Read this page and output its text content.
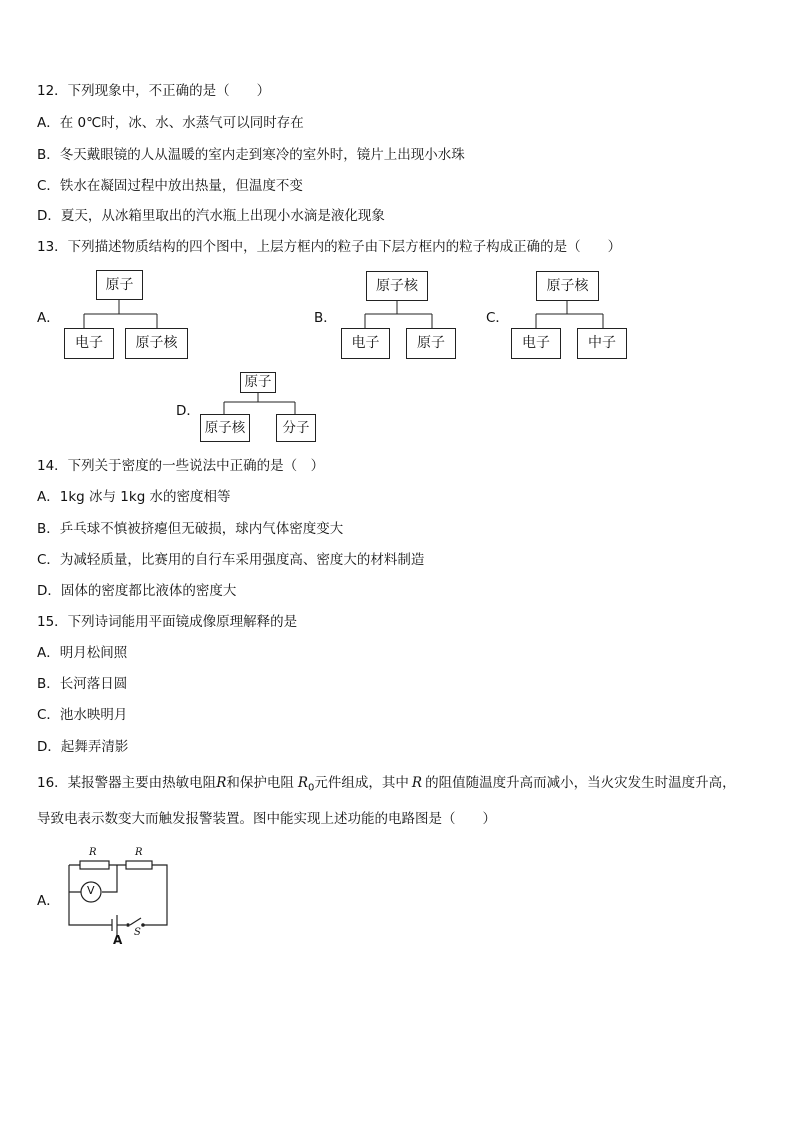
12．下列现象中，不正确的是（　　）
A．在 0℃时，冰、水、水蒸气可以同时存在
B．冬天戴眼镜的人从温暖的室内走到寒冷的室外时，镜片上出现小水珠
C．铁水在凝固过程中放出热量，但温度不变
D．夏天，从冰箱里取出的汽水瓶上出现小水滴是液化现象
13．下列描述物质结构的四个图中，上层方框内的粒子由下层方框内的粒子构成正确的是（　　）
A．
原子
电子	原子核
B．
原子核
电子	原子
C．
原子核
电子	中子
D．
原子
原子核	分子
14．下列关于密度的一些说法中正确的是（　）
A．1kg 冰与 1kg 水的密度相等
B．乒乓球不慎被挤瘪但无破损，球内气体密度变大
C．为减轻质量，比赛用的自行车采用强度高、密度大的材料制造
D．固体的密度都比液体的密度大
15．下列诗词能用平面镜成像原理解释的是
A．明月松间照
B．长河落日圆
C．池水映明月
D．起舞弄清影
16．某报警器主要由热敏电阻R和保护电阻 $R_0$元件组成，其中 R 的阻值随温度升高而减小，当火灾发生时温度升高，
导致电表示数变大而触发报警装置。图中能实现上述功能的电路图是（　　）
A．
R	R
V
S
A
